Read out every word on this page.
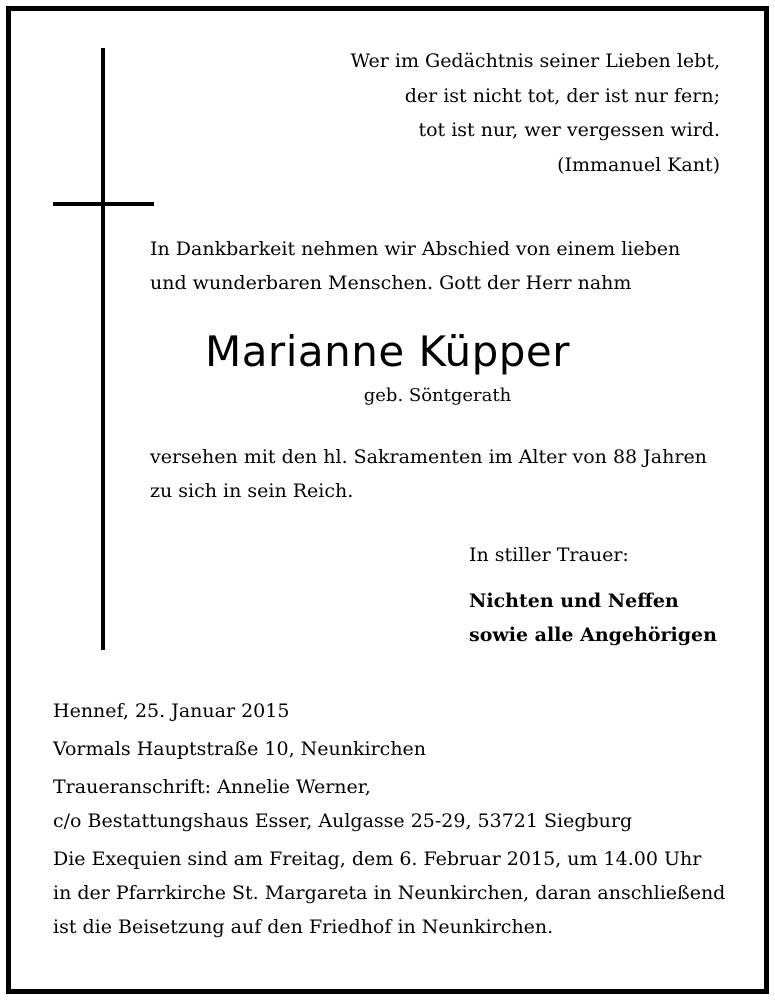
Wer im Gedächtnis seiner Lieben lebt,
der ist nicht tot, der ist nur fern;
tot ist nur, wer vergessen wird.
(Immanuel Kant)
In Dankbarkeit nehmen wir Abschied von einem lieben
und wunderbaren Menschen. Gott der Herr nahm
Marianne Küpper
geb. Söntgerath
versehen mit den hl. Sakramenten im Alter von 88 Jahren
zu sich in sein Reich.
In stiller Trauer:
Nichten und Neffen
sowie alle Angehörigen
Hennef, 25. Januar 2015
Vormals Hauptstraße 10, Neunkirchen
Traueranschrift: Annelie Werner,
c/o Bestattungshaus Esser, Aulgasse 25-29, 53721 Siegburg
Die Exequien sind am Freitag, dem 6. Februar 2015, um 14.00 Uhr
in der Pfarrkirche St. Margareta in Neunkirchen, daran anschließend
ist die Beisetzung auf den Friedhof in Neunkirchen.
